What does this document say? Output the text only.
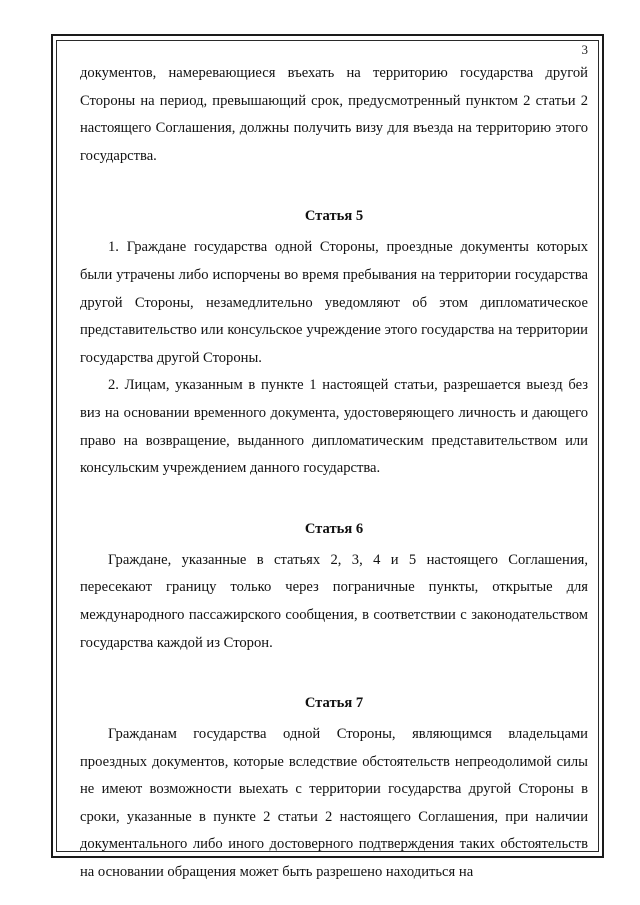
3

документов, намеревающиеся въехать на территорию государства другой Стороны на период, превышающий срок, предусмотренный пунктом 2 статьи 2 настоящего Соглашения, должны получить визу для въезда на территорию этого государства.

Статья 5

1. Граждане государства одной Стороны, проездные документы которых были утрачены либо испорчены во время пребывания на территории государства другой Стороны, незамедлительно уведомляют об этом дипломатическое представительство или консульское учреждение этого государства на территории государства другой Стороны.

2. Лицам, указанным в пункте 1 настоящей статьи, разрешается выезд без виз на основании временного документа, удостоверяющего личность и дающего право на возвращение, выданного дипломатическим представительством или консульским учреждением данного государства.

Статья 6

Граждане, указанные в статьях 2, 3, 4 и 5 настоящего Соглашения, пересекают границу только через пограничные пункты, открытые для международного пассажирского сообщения, в соответствии с законодательством государства каждой из Сторон.

Статья 7

Гражданам государства одной Стороны, являющимся владельцами проездных документов, которые вследствие обстоятельств непреодолимой силы не имеют возможности выехать с территории государства другой Стороны в сроки, указанные в пункте 2 статьи 2 настоящего Соглашения, при наличии документального либо иного достоверного подтверждения таких обстоятельств на основании обращения может быть разрешено находиться на
